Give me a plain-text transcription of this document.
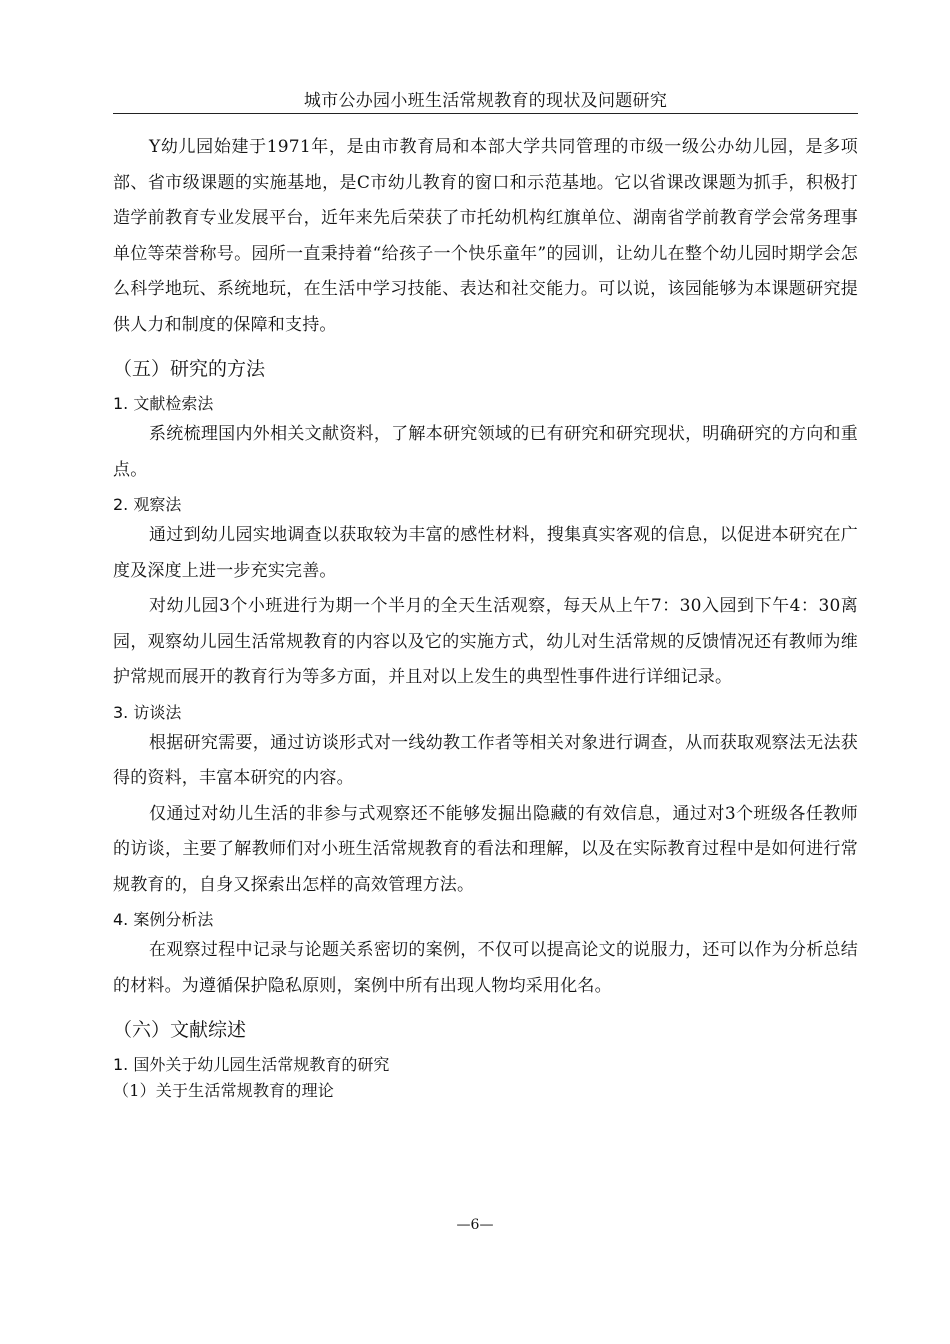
城市公办园小班生活常规教育的现状及问题研究

Y幼儿园始建于1971年，是由市教育局和本部大学共同管理的市级一级公办幼儿园，是多项部、省市级课题的实施基地，是C市幼儿教育的窗口和示范基地。它以省课改课题为抓手，积极打造学前教育专业发展平台，近年来先后荣获了市托幼机构红旗单位、湖南省学前教育学会常务理事单位等荣誉称号。园所一直秉持着“给孩子一个快乐童年”的园训，让幼儿在整个幼儿园时期学会怎么科学地玩、系统地玩，在生活中学习技能、表达和社交能力。可以说，该园能够为本课题研究提供人力和制度的保障和支持。

（五）研究的方法
1. 文献检索法

系统梳理国内外相关文献资料，了解本研究领域的已有研究和研究现状，明确研究的方向和重点。

2. 观察法

通过到幼儿园实地调查以获取较为丰富的感性材料，搜集真实客观的信息，以促进本研究在广度及深度上进一步充实完善。

对幼儿园3个小班进行为期一个半月的全天生活观察，每天从上午7：30入园到下午4：30离园，观察幼儿园生活常规教育的内容以及它的实施方式，幼儿对生活常规的反馈情况还有教师为维护常规而展开的教育行为等多方面，并且对以上发生的典型性事件进行详细记录。

3. 访谈法

根据研究需要，通过访谈形式对一线幼教工作者等相关对象进行调查，从而获取观察法无法获得的资料，丰富本研究的内容。

仅通过对幼儿生活的非参与式观察还不能够发掘出隐藏的有效信息，通过对3个班级各任教师的访谈，主要了解教师们对小班生活常规教育的看法和理解，以及在实际教育过程中是如何进行常规教育的，自身又探索出怎样的高效管理方法。

4. 案例分析法

在观察过程中记录与论题关系密切的案例，不仅可以提高论文的说服力，还可以作为分析总结的材料。为遵循保护隐私原则，案例中所有出现人物均采用化名。

（六）文献综述
1. 国外关于幼儿园生活常规教育的研究

（1）关于生活常规教育的理论

—6—
